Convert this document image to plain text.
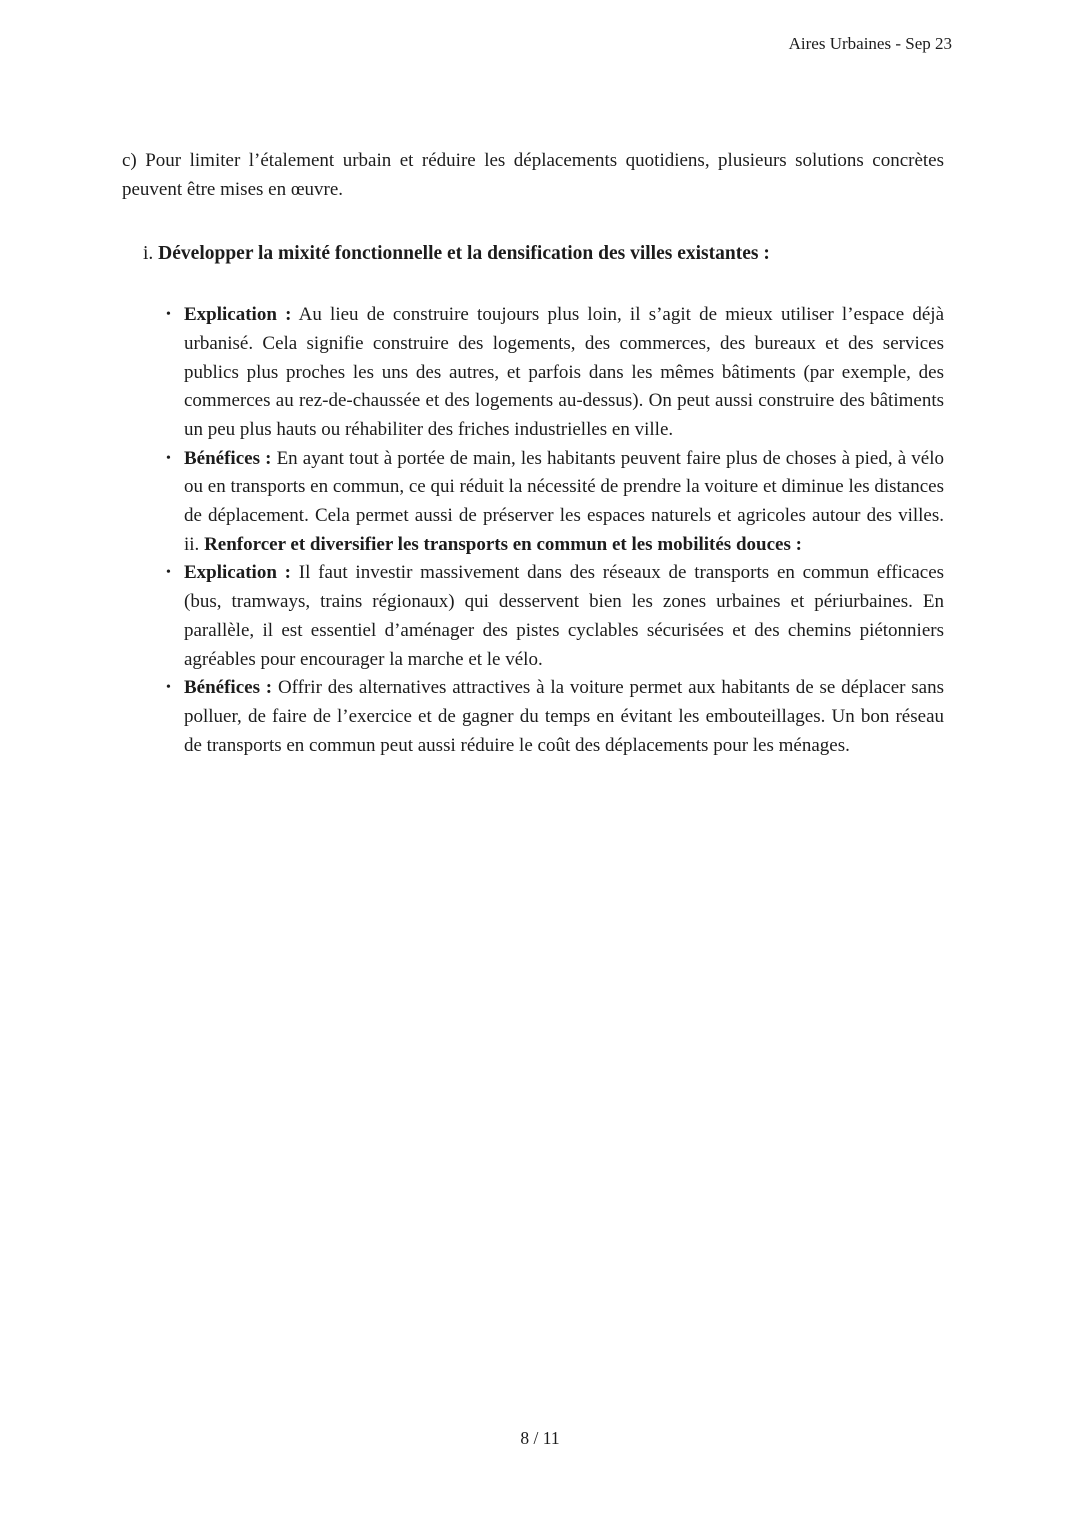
Aires Urbaines - Sep 23

c) Pour limiter l’étalement urbain et réduire les déplacements quotidiens, plusieurs solutions concrètes peuvent être mises en œuvre.

i. Développer la mixité fonctionnelle et la densification des villes existantes :
• Explication : Au lieu de construire toujours plus loin, il s’agit de mieux utiliser l’espace déjà urbanisé. Cela signifie construire des logements, des commerces, des bureaux et des services publics plus proches les uns des autres, et parfois dans les mêmes bâtiments (par exemple, des commerces au rez-de-chaussée et des logements au-dessus). On peut aussi construire des bâtiments un peu plus hauts ou réhabiliter des friches industrielles en ville.
• Bénéfices : En ayant tout à portée de main, les habitants peuvent faire plus de choses à pied, à vélo ou en transports en commun, ce qui réduit la nécessité de prendre la voiture et diminue les distances de déplacement. Cela permet aussi de préserver les espaces naturels et agricoles autour des villes. ii. Renforcer et diversifier les transports en commun et les mobilités douces :
• Explication : Il faut investir massivement dans des réseaux de transports en commun efficaces (bus, tramways, trains régionaux) qui desservent bien les zones urbaines et périurbaines. En parallèle, il est essentiel d’aménager des pistes cyclables sécurisées et des chemins piétonniers agréables pour encourager la marche et le vélo.
• Bénéfices : Offrir des alternatives attractives à la voiture permet aux habitants de se déplacer sans polluer, de faire de l’exercice et de gagner du temps en évitant les embouteillages. Un bon réseau de transports en commun peut aussi réduire le coût des déplacements pour les ménages.
8 / 11
